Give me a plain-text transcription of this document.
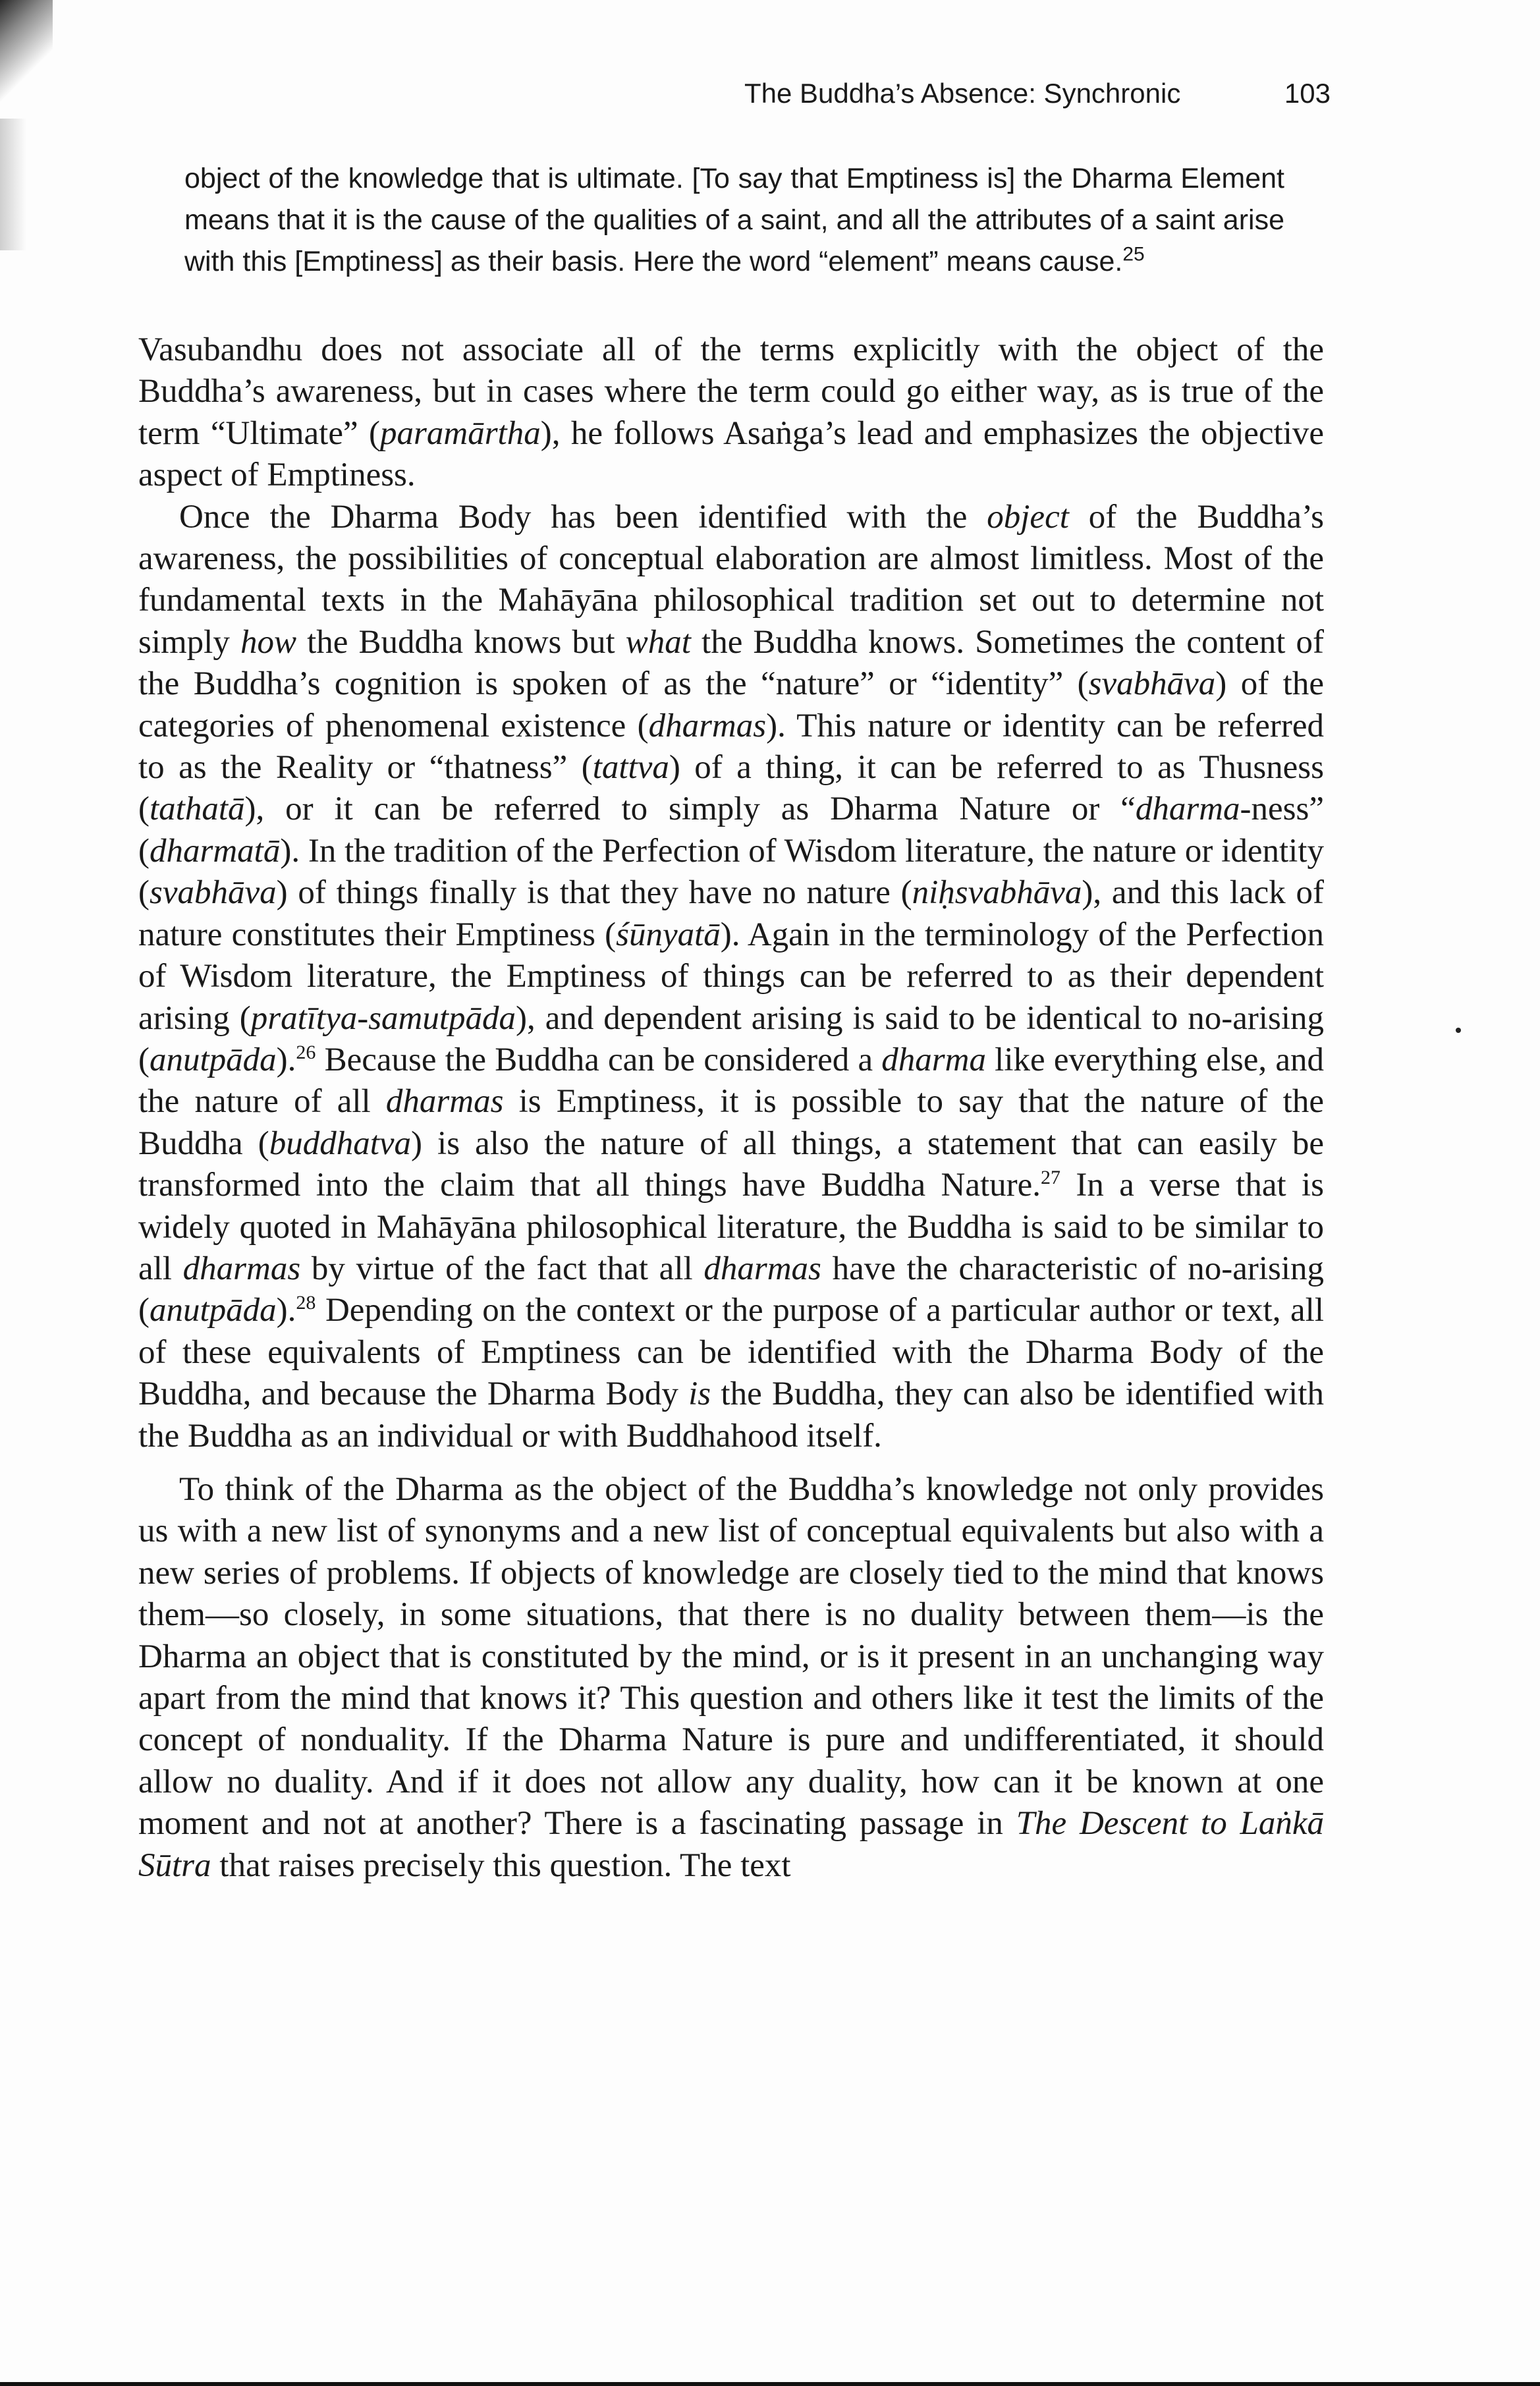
The Buddha’s Absence: Synchronic	103

object of the knowledge that is ultimate. [To say that Emptiness is] the Dharma Element means that it is the cause of the qualities of a saint, and all the attributes of a saint arise with this [Emptiness] as their basis. Here the word “element” means cause.$^{25}$

Vasubandhu does not associate all of the terms explicitly with the object of the Buddha’s awareness, but in cases where the term could go either way, as is true of the term “Ultimate” (paramārtha), he follows Asaṅga’s lead and emphasizes the objective aspect of Emptiness.

Once the Dharma Body has been identified with the object of the Buddha’s awareness, the possibilities of conceptual elaboration are almost limitless. Most of the fundamental texts in the Mahāyāna philosophical tradition set out to determine not simply how the Buddha knows but what the Buddha knows. Sometimes the content of the Buddha’s cognition is spoken of as the “nature” or “identity” (svabhāva) of the categories of phenomenal existence (dharmas). This nature or identity can be referred to as the Reality or “thatness” (tattva) of a thing, it can be referred to as Thusness (tathatā), or it can be referred to simply as Dharma Nature or “dharma-ness” (dharmatā). In the tradition of the Perfection of Wisdom literature, the nature or identity (svabhāva) of things finally is that they have no nature (niḥsvabhāva), and this lack of nature constitutes their Emptiness (śūnyatā). Again in the terminology of the Perfection of Wisdom literature, the Emptiness of things can be referred to as their dependent arising (pratītya-samutpāda), and dependent arising is said to be identical to no-arising (anutpāda).$^{26}$ Because the Buddha can be considered a dharma like everything else, and the nature of all dharmas is Emptiness, it is possible to say that the nature of the Buddha (buddhatva) is also the nature of all things, a statement that can easily be transformed into the claim that all things have Buddha Nature.$^{27}$ In a verse that is widely quoted in Mahāyāna philosophical literature, the Buddha is said to be similar to all dharmas by virtue of the fact that all dharmas have the characteristic of no-arising (anutpāda).$^{28}$ Depending on the context or the purpose of a particular author or text, all of these equivalents of Emptiness can be identified with the Dharma Body of the Buddha, and because the Dharma Body is the Buddha, they can also be identified with the Buddha as an individual or with Buddhahood itself.

To think of the Dharma as the object of the Buddha’s knowledge not only provides us with a new list of synonyms and a new list of conceptual equivalents but also with a new series of problems. If objects of knowledge are closely tied to the mind that knows them—so closely, in some situations, that there is no duality between them—is the Dharma an object that is constituted by the mind, or is it present in an unchanging way apart from the mind that knows it? This question and others like it test the limits of the concept of nonduality. If the Dharma Nature is pure and undifferentiated, it should allow no duality. And if it does not allow any duality, how can it be known at one moment and not at another? There is a fascinating passage in The Descent to Laṅkā Sūtra that raises precisely this question. The text
